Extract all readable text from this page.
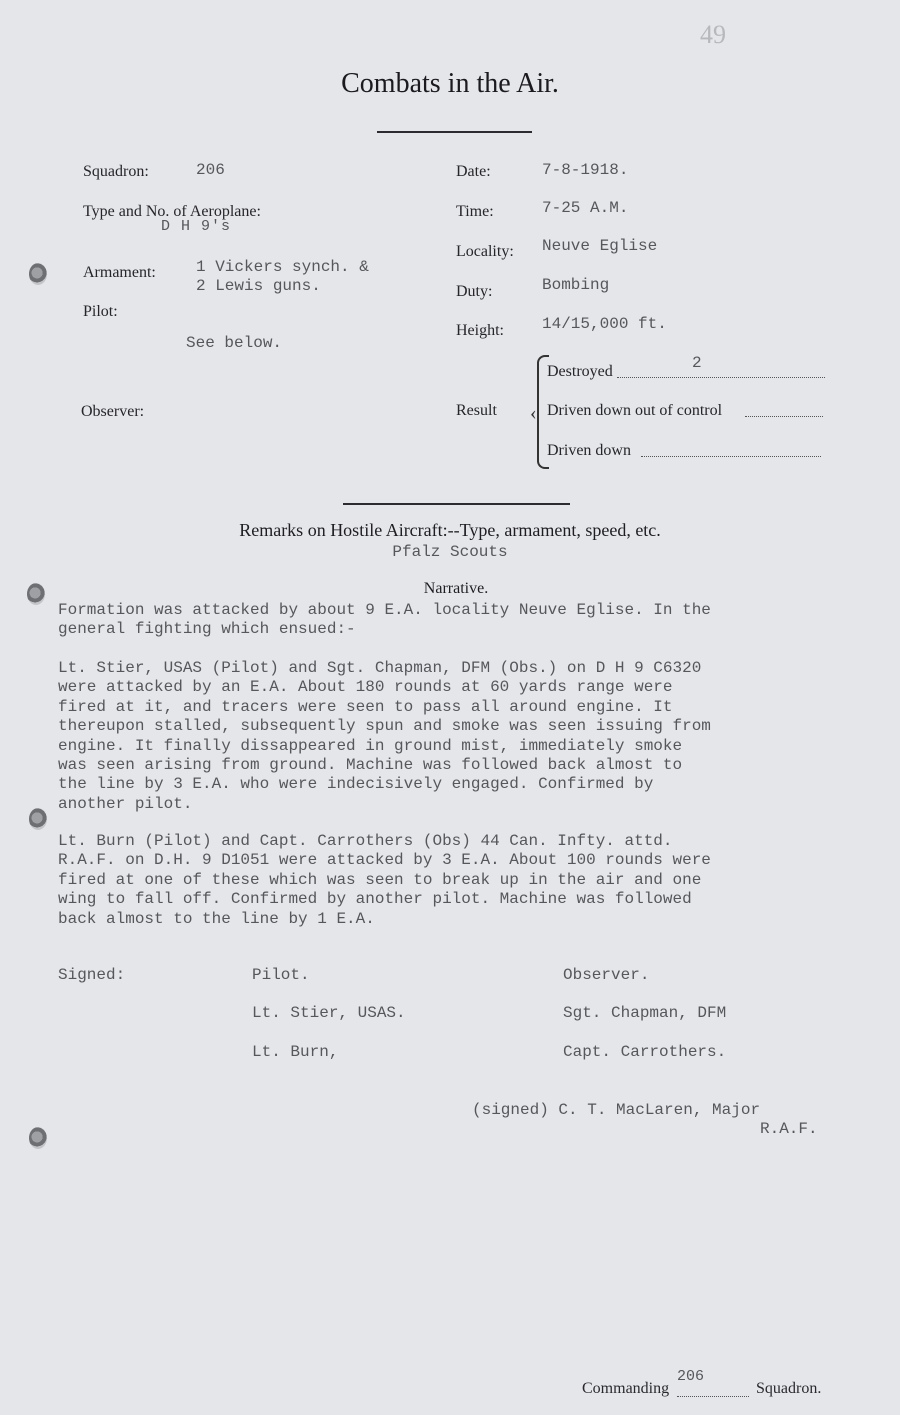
49
Combats in the Air.
Squadron:	206
Type and No. of Aeroplane:
D H 9's
Armament:	1 Vickers synch. &
2 Lewis guns.
Pilot:
See below.
Observer:
Date:	7-8-1918.
Time:	7-25 A.M.
Locality: Neuve Eglise
Duty:	Bombing
Height: 14/15,000 ft.
Result ‹
Destroyed	2
Driven down out of control
Driven down
Remarks on Hostile Aircraft:--Type, armament, speed, etc.
Pfalz Scouts
Narrative.
Formation was attacked by about 9 E.A. locality Neuve Eglise. In the
general fighting which ensued:-
Lt. Stier, USAS (Pilot) and Sgt. Chapman, DFM (Obs.) on D H 9 C6320
were attacked by an E.A. About 180 rounds at 60 yards range were
fired at it, and tracers were seen to pass all around engine. It
thereupon stalled, subsequently spun and smoke was seen issuing from
engine. It finally dissappeared in ground mist, immediately smoke
was seen arising from ground. Machine was followed back almost to
the line by 3 E.A. who were indecisively engaged. Confirmed by
another pilot.
Lt. Burn (Pilot) and Capt. Carrothers (Obs) 44 Can. Infty. attd.
R.A.F. on D.H. 9 D1051 were attacked by 3 E.A. About 100 rounds were
fired at one of these which was seen to break up in the air and one
wing to fall off. Confirmed by another pilot. Machine was followed
back almost to the line by 1 E.A.
Signed:	Pilot.	Observer.
Lt. Stier, USAS.	Sgt. Chapman, DFM
Lt. Burn,	Capt. Carrothers.
(signed) C. T. MacLaren, Major
R.A.F.
Commanding
206
Squadron.
